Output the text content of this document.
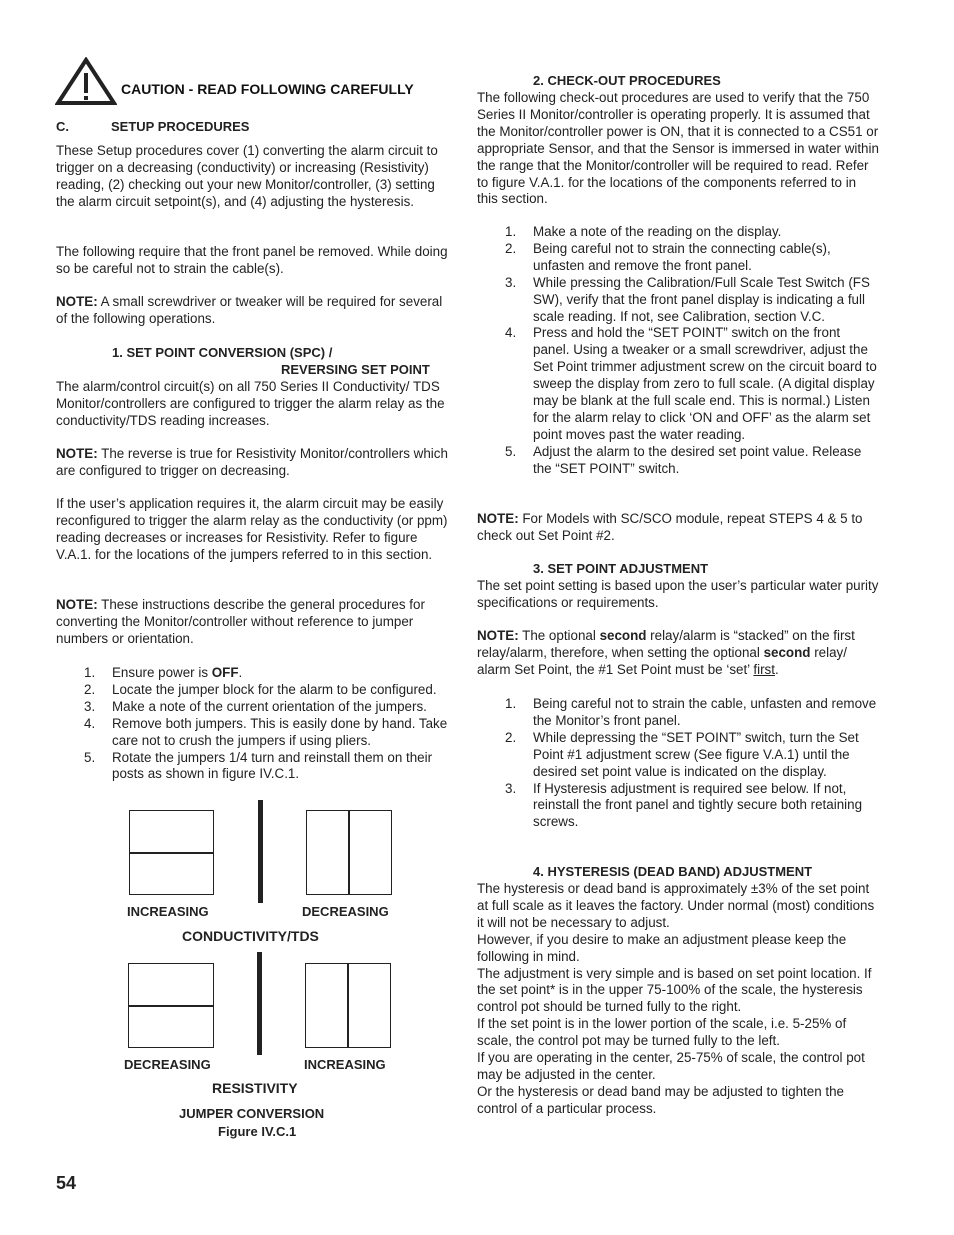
CAUTION - READ FOLLOWING CAREFULLY
C.	SETUP PROCEDURES

These Setup procedures cover (1) converting the alarm circuit to trigger on a decreasing (conductivity) or increasing (Resistivity) reading, (2) checking out your new Monitor/controller, (3) setting the alarm circuit setpoint(s), and (4) adjusting the hysteresis.

The following require that the front panel be removed. While doing so be careful not to strain the cable(s).

NOTE: A small screwdriver or tweaker will be required for several of the following operations.

1. SET POINT CONVERSION (SPC) /
REVERSING SET POINT

The alarm/control circuit(s) on all 750 Series II Conductivity/ TDS Monitor/controllers are configured to trigger the alarm relay as the conductivity/TDS reading increases.

NOTE: The reverse is true for Resistivity Monitor/controllers which are configured to trigger on decreasing.

If the user’s application requires it, the alarm circuit may be easily reconfigured to trigger the alarm relay as the conductivity (or ppm) reading decreases or increases for Resistivity. Refer to figure V.A.1. for the locations of the jumpers referred to in this section.

NOTE: These instructions describe the general procedures for converting the Monitor/controller without reference to jumper numbers or orientation.

1. Ensure power is OFF.
2. Locate the jumper block for the alarm to be configured.
3. Make a note of the current orientation of the jumpers.
4. Remove both jumpers. This is easily done by hand. Take care not to crush the jumpers if using pliers.
5. Rotate the jumpers 1/4 turn and reinstall them on their posts as shown in figure IV.C.1.
54
INCREASING	DECREASING
CONDUCTIVITY/TDS
DECREASING	INCREASING
RESISTIVITY
JUMPER CONVERSION
Figure IV.C.1
2. CHECK-OUT PROCEDURES

The following check-out procedures are used to verify that the 750 Series II Monitor/controller is operating properly. It is assumed that the Monitor/controller power is ON, that it is connected to a CS51 or appropriate Sensor, and that the Sensor is immersed in water within the range that the Monitor/controller will be required to read. Refer to figure V.A.1. for the locations of the components referred to in this section.

1. Make a note of the reading on the display.
2. Being careful not to strain the connecting cable(s), unfasten and remove the front panel.
3. While pressing the Calibration/Full Scale Test Switch (FS SW), verify that the front panel display is indicating a full scale reading. If not, see Calibration, section V.C.
4. Press and hold the “SET POINT” switch on the front panel. Using a tweaker or a small screwdriver, adjust the Set Point trimmer adjustment screw on the circuit board to sweep the display from zero to full scale. (A digital display may be blank at the full scale end. This is normal.) Listen for the alarm relay to click ‘ON and OFF’ as the alarm set point moves past the water reading.
5. Adjust the alarm to the desired set point value. Release the “SET POINT” switch.

NOTE: For Models with SC/SCO module, repeat STEPS 4 & 5 to check out Set Point #2.

3. SET POINT ADJUSTMENT

The set point setting is based upon the user’s particular water purity specifications or requirements.

NOTE: The optional second relay/alarm is “stacked” on the first relay/alarm, therefore, when setting the optional second relay/ alarm Set Point, the #1 Set Point must be ‘set’ first.

1. Being careful not to strain the cable, unfasten and remove the Monitor’s front panel.
2. While depressing the “SET POINT” switch, turn the Set Point #1 adjustment screw (See figure V.A.1) until the desired set point value is indicated on the display.
3. If Hysteresis adjustment is required see below. If not, reinstall the front panel and tightly secure both retaining screws.
4. HYSTERESIS (DEAD BAND) ADJUSTMENT

The hysteresis or dead band is approximately ±3% of the set point at full scale as it leaves the factory. Under normal (most) conditions it will not be necessary to adjust.

However, if you desire to make an adjustment please keep the following in mind.

The adjustment is very simple and is based on set point location. If the set point* is in the upper 75-100% of the scale, the hysteresis control pot should be turned fully to the right.

If the set point is in the lower portion of the scale, i.e. 5-25% of scale, the control pot may be turned fully to the left.

If you are operating in the center, 25-75% of scale, the control pot may be adjusted in the center.

Or the hysteresis or dead band may be adjusted to tighten the control of a particular process.
